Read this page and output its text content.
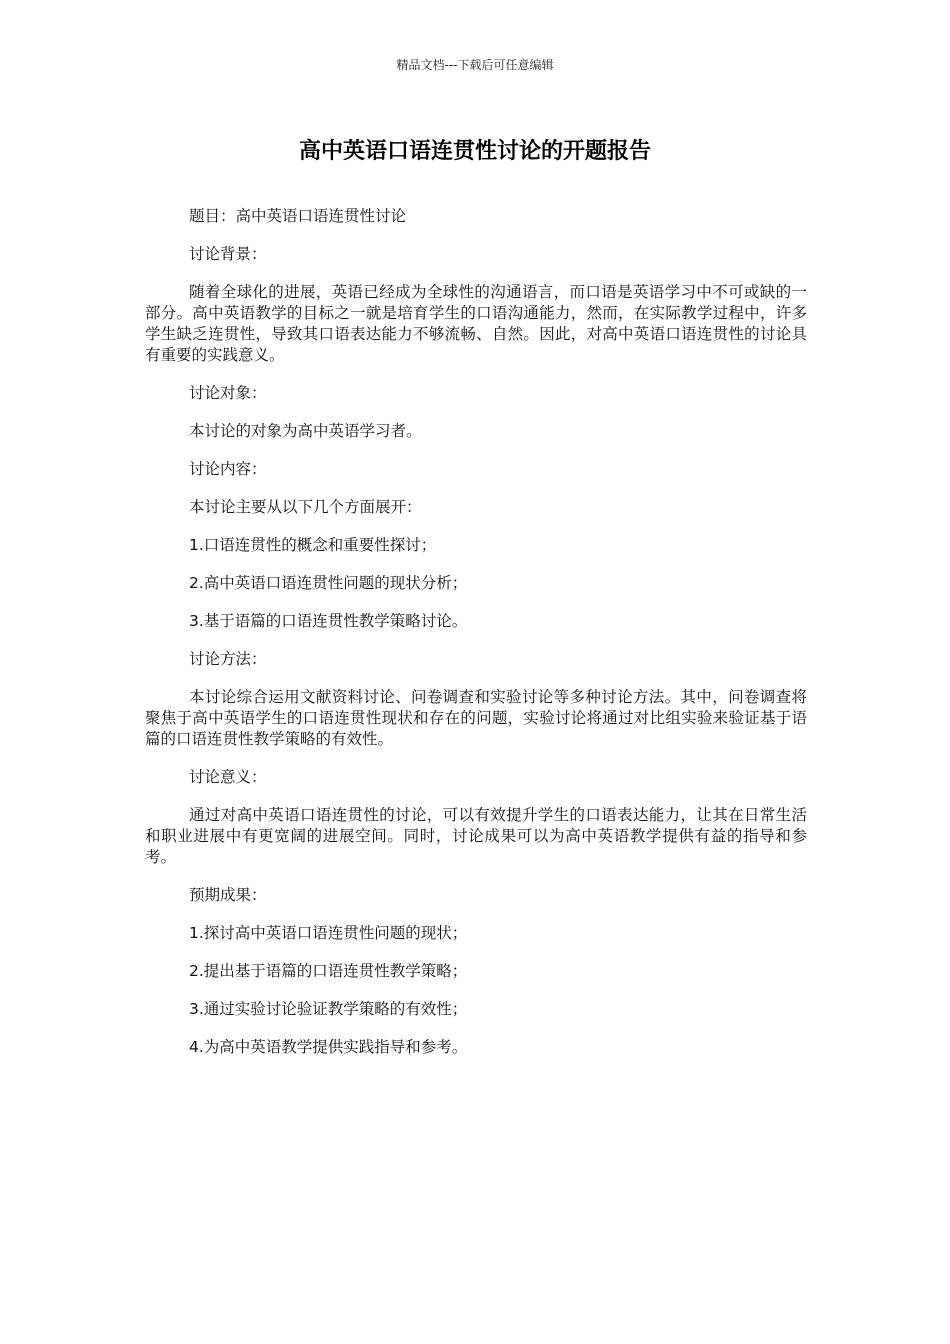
精品文档---下载后可任意编辑
高中英语口语连贯性讨论的开题报告

题目：高中英语口语连贯性讨论

讨论背景：

随着全球化的进展，英语已经成为全球性的沟通语言，而口语是英语学习中不可或缺的一部分。高中英语教学的目标之一就是培育学生的口语沟通能力，然而，在实际教学过程中，许多学生缺乏连贯性，导致其口语表达能力不够流畅、自然。因此，对高中英语口语连贯性的讨论具有重要的实践意义。

讨论对象：

本讨论的对象为高中英语学习者。

讨论内容：

本讨论主要从以下几个方面展开：

1.口语连贯性的概念和重要性探讨；

2.高中英语口语连贯性问题的现状分析；

3.基于语篇的口语连贯性教学策略讨论。

讨论方法：

本讨论综合运用文献资料讨论、问卷调查和实验讨论等多种讨论方法。其中，问卷调查将聚焦于高中英语学生的口语连贯性现状和存在的问题，实验讨论将通过对比组实验来验证基于语篇的口语连贯性教学策略的有效性。

讨论意义：

通过对高中英语口语连贯性的讨论，可以有效提升学生的口语表达能力，让其在日常生活和职业进展中有更宽阔的进展空间。同时，讨论成果可以为高中英语教学提供有益的指导和参考。

预期成果：

1.探讨高中英语口语连贯性问题的现状；

2.提出基于语篇的口语连贯性教学策略；

3.通过实验讨论验证教学策略的有效性；

4.为高中英语教学提供实践指导和参考。
